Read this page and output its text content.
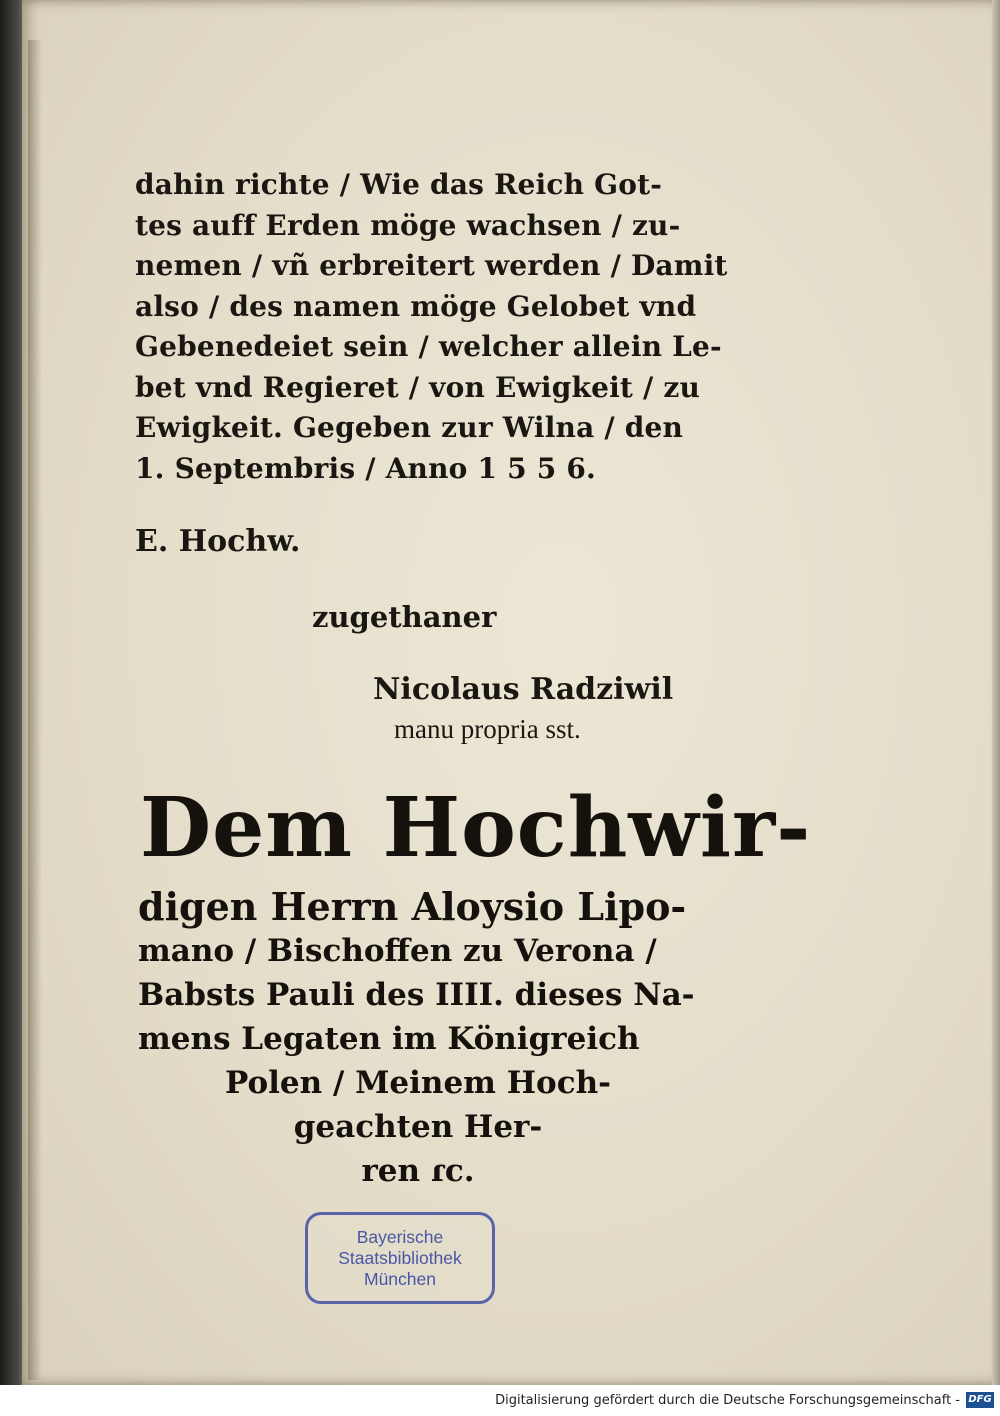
dahin richte / Wie das Reich Got-
tes auff Erden möge wachsen / zu-
nemen / vñ erbreitert werden / Damit
also / des namen möge Gelobet vnd
Gebenedeiet sein / welcher allein Le-
bet vnd Regieret / von Ewigkeit / zu
Ewigkeit. Gegeben zur Wilna / den
1. Septembris / Anno 1 5 5 6.
E. Hochw.
zugethaner
Nicolaus Radziwil
manu propria sst.
Dem Hochwir-
digen Herrn Aloysio Lipo-
mano / Bischoffen zu Verona /
Babsts Pauli des IIII. dieses Na-
mens Legaten im Königreich
Polen / Meinem Hoch-
geachten Her-
ren ɾc.
Bayerische
Staatsbibliothek
München
Digitalisierung gefördert durch die Deutsche Forschungsgemeinschaft - DFG
